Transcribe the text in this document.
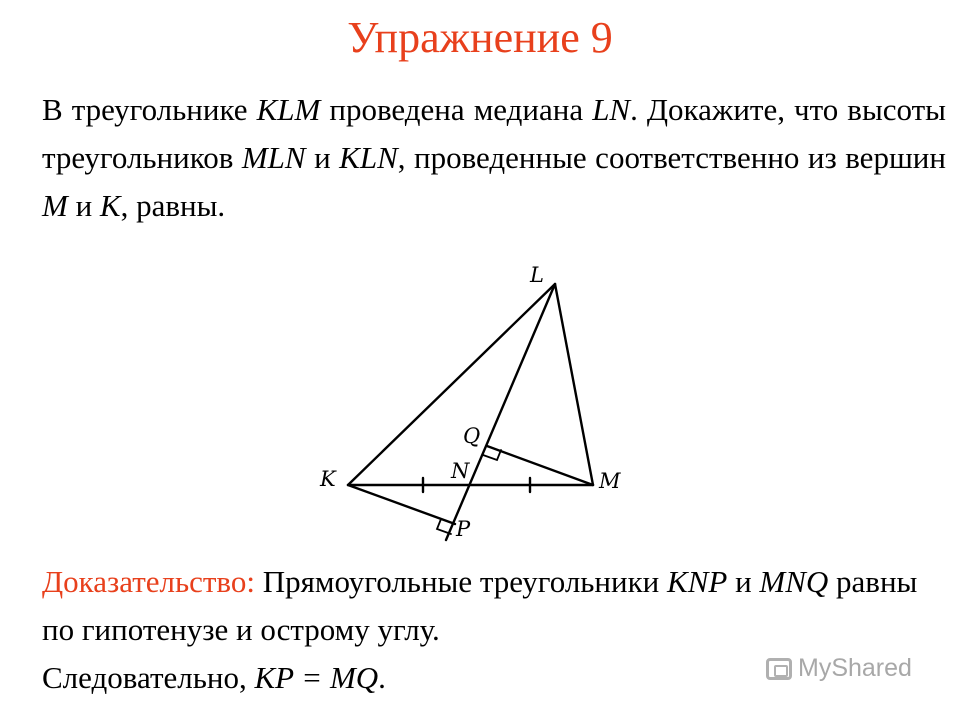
Упражнение 9
В треугольнике KLM проведена медиана LN. Докажите, что высоты треугольников MLN и KLN, проведенные соответственно из вершин M и K, равны.
L
K	M
N
Q
P
Доказательство: Прямоугольные треугольники KNP и MNQ равны по гипотенузе и острому углу.
Следовательно, KP = MQ.	MyShared
